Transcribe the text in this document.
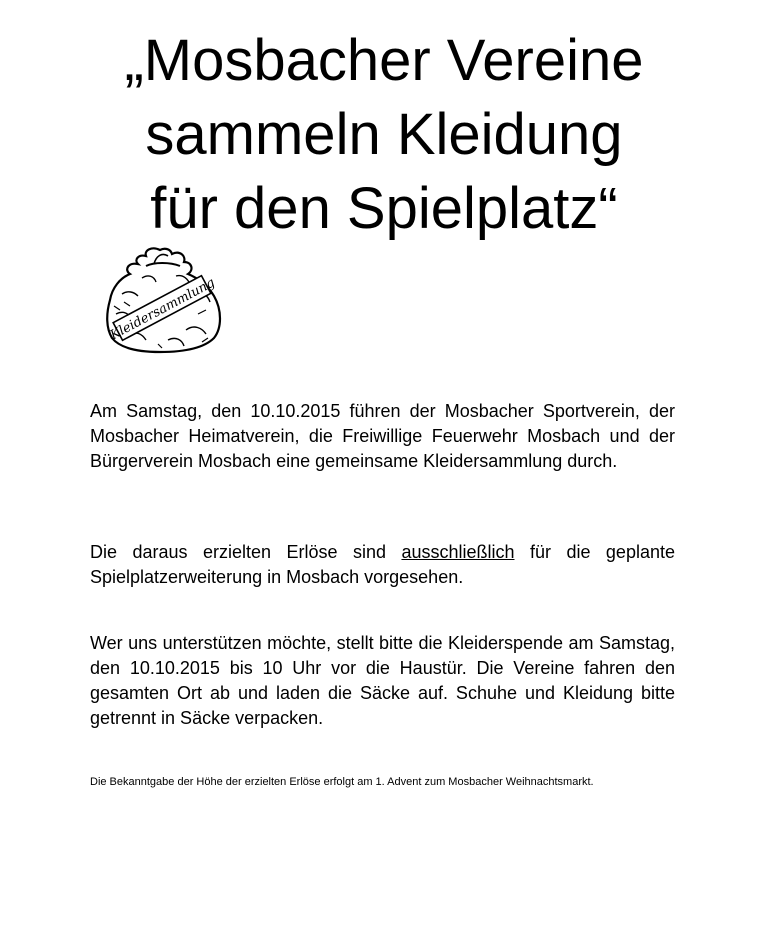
„Mosbacher Vereine
sammeln Kleidung
für den Spielplatz“
Kleidersammlung

Am Samstag, den 10.10.2015 führen der Mosbacher Sportverein, der Mosbacher Heimatverein, die Freiwillige Feuerwehr Mosbach und der Bürgerverein Mosbach eine gemeinsame Kleidersammlung durch.

Die daraus erzielten Erlöse sind ausschließlich für die geplante Spielplatzerweiterung in Mosbach vorgesehen.

Wer uns unterstützen möchte, stellt bitte die Kleiderspende am Samstag, den 10.10.2015 bis 10 Uhr vor die Haustür. Die Vereine fahren den gesamten Ort ab und laden die Säcke auf. Schuhe und Kleidung bitte getrennt in Säcke verpacken.

Die Bekanntgabe der Höhe der erzielten Erlöse erfolgt am 1. Advent zum Mosbacher Weihnachtsmarkt.
